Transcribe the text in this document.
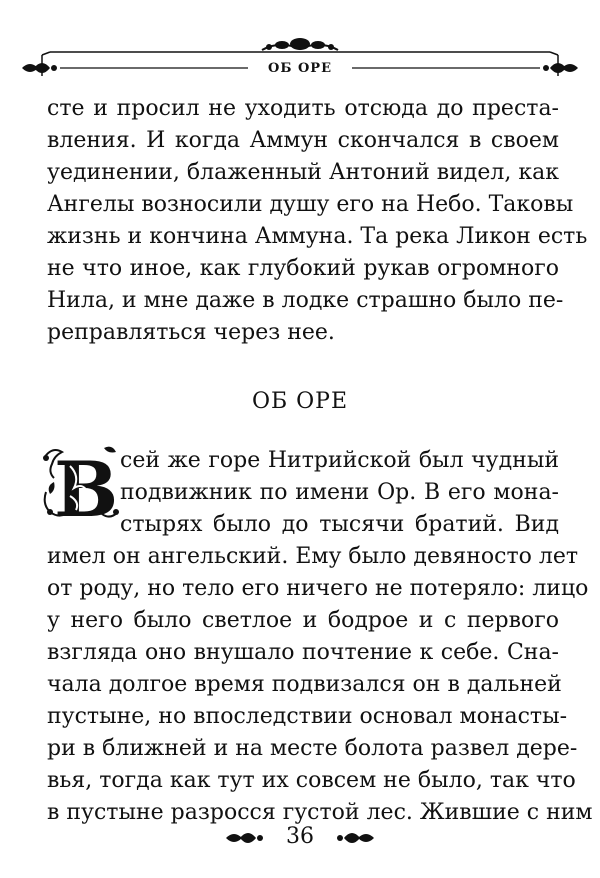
ОБ ОРЕ
сте и просил не уходить отсюда до преста-
вления. И когда Аммун скончался в своем
уединении, блаженный Антоний видел, как
Ангелы возносили душу его на Небо. Таковы
жизнь и кончина Аммуна. Та река Ликон есть
не что иное, как глубокий рукав огромного
Нила, и мне даже в лодке страшно было пе-
реправляться через нее.
ОБ ОРЕ
В сей же горе Нитрийской был чудный
подвижник по имени Ор. В его мона-
стырях было до тысячи братий. Вид
имел он ангельский. Ему было девяносто лет
от роду, но тело его ничего не потеряло: лицо
у него было светлое и бодрое и с первого
взгляда оно внушало почтение к себе. Сна-
чала долгое время подвизался он в дальней
пустыне, но впоследствии основал монасты-
ри в ближней и на месте болота развел дере-
вья, тогда как тут их совсем не было, так что
в пустыне разросся густой лес. Жившие с ним
36
